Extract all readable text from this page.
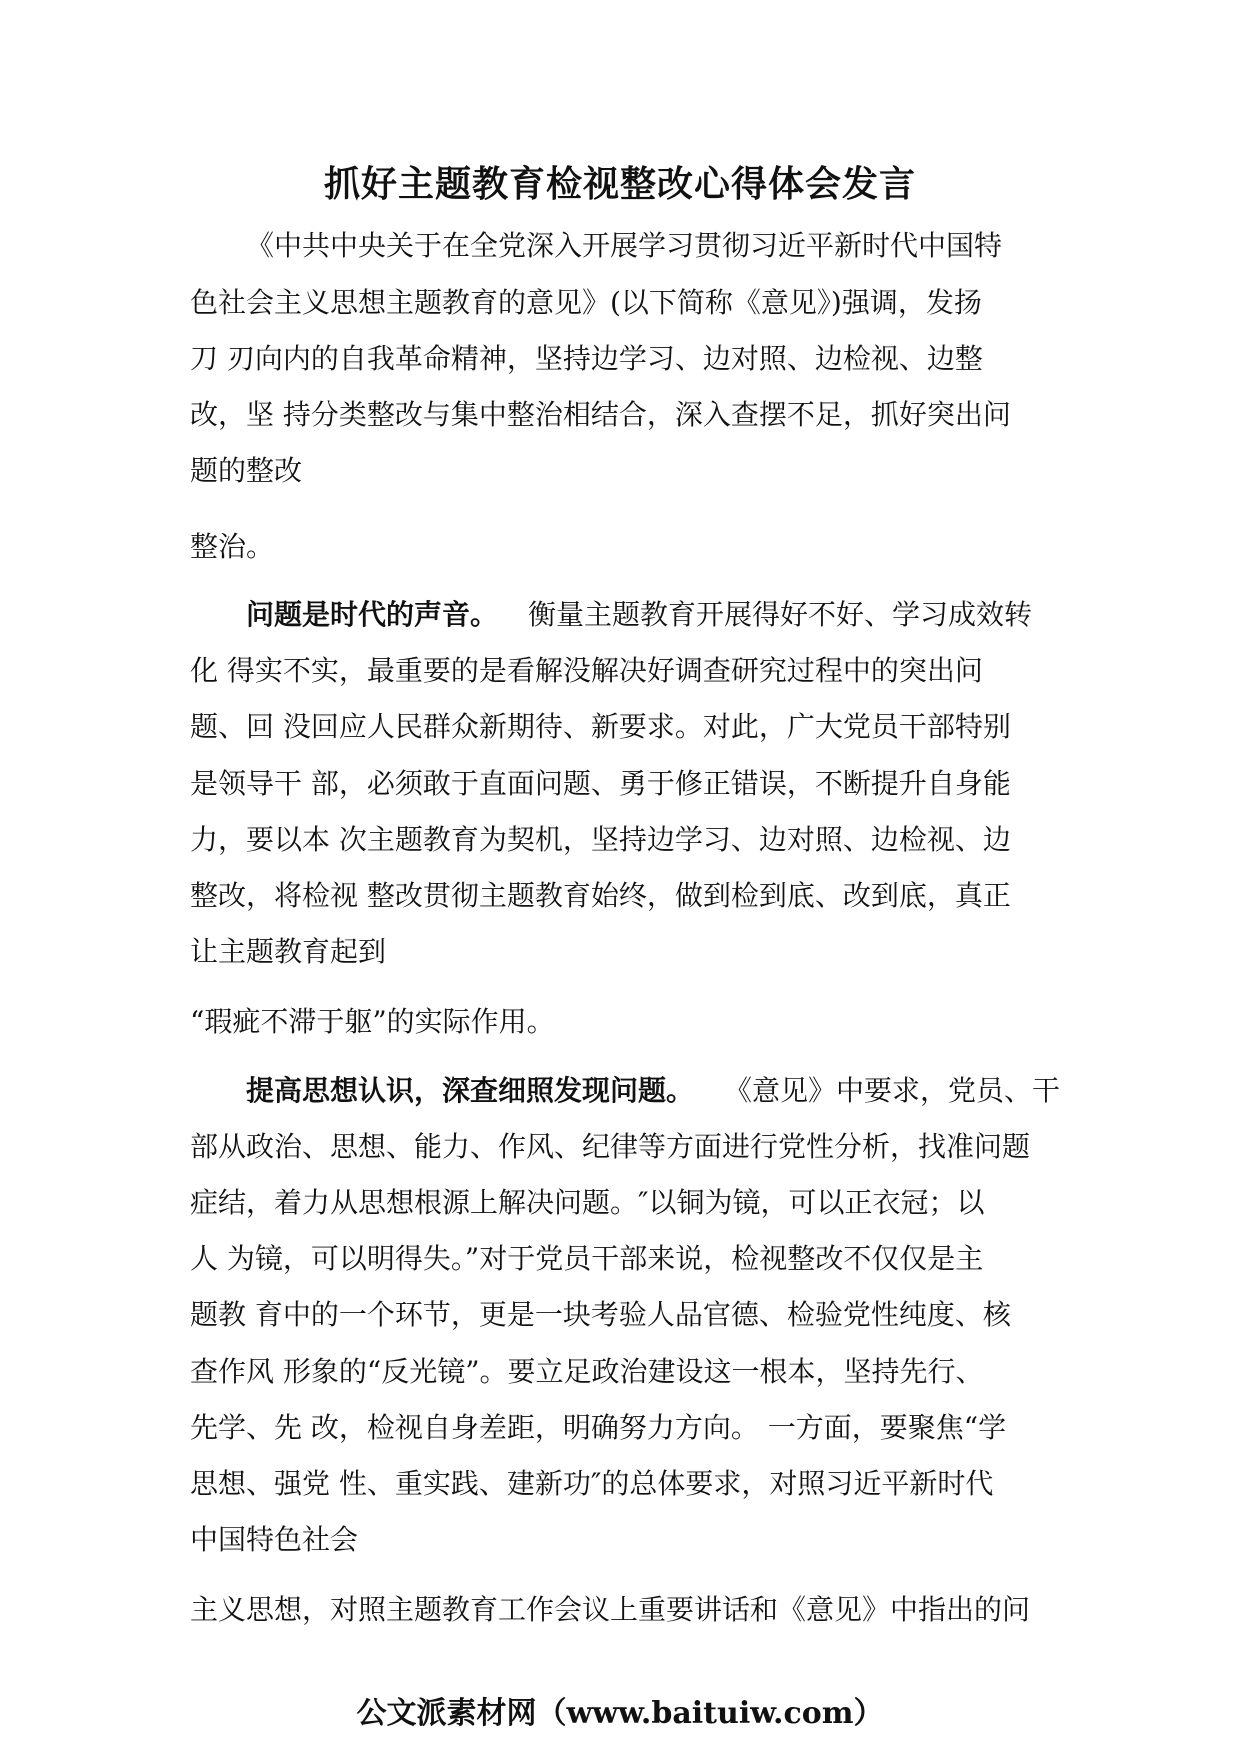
抓好主题教育检视整改心得体会发言

《中共中央关于在全党深入开展学习贯彻习近平新时代中国特

色社会主义思想主题教育的意见》(以下简称《意见》)强调，发扬

刀 刃向内的自我革命精神，坚持边学习、边对照、边检视、边整

改，坚 持分类整改与集中整治相结合，深入查摆不足，抓好突出问

题的整改

整治。

问题是时代的声音。 衡量主题教育开展得好不好、学习成效转

化 得实不实，最重要的是看解没解决好调查研究过程中的突出问

题、回 没回应人民群众新期待、新要求。对此，广大党员干部特别

是领导干 部，必须敢于直面问题、勇于修正错误，不断提升自身能

力，要以本 次主题教育为契机，坚持边学习、边对照、边检视、边

整改，将检视 整改贯彻主题教育始终，做到检到底、改到底，真正

让主题教育起到

“瑕疵不滞于躯”的实际作用。

提高思想认识，深查细照发现问题。 《意见》中要求，党员、干

部从政治、思想、能力、作风、纪律等方面进行党性分析，找准问题

症结，着力从思想根源上解决问题。″以铜为镜，可以正衣冠；以

人 为镜，可以明得失。”对于党员干部来说，检视整改不仅仅是主

题教 育中的一个环节，更是一块考验人品官德、检验党性纯度、核

查作风 形象的“反光镜”。要立足政治建设这一根本，坚持先行、

先学、先 改，检视自身差距，明确努力方向。 一方面，要聚焦“学

思想、强党 性、重实践、建新功″的总体要求，对照习近平新时代

中国特色社会

主义思想，对照主题教育工作会议上重要讲话和《意见》中指出的问

公文派素材网（www.baituiw.com）
